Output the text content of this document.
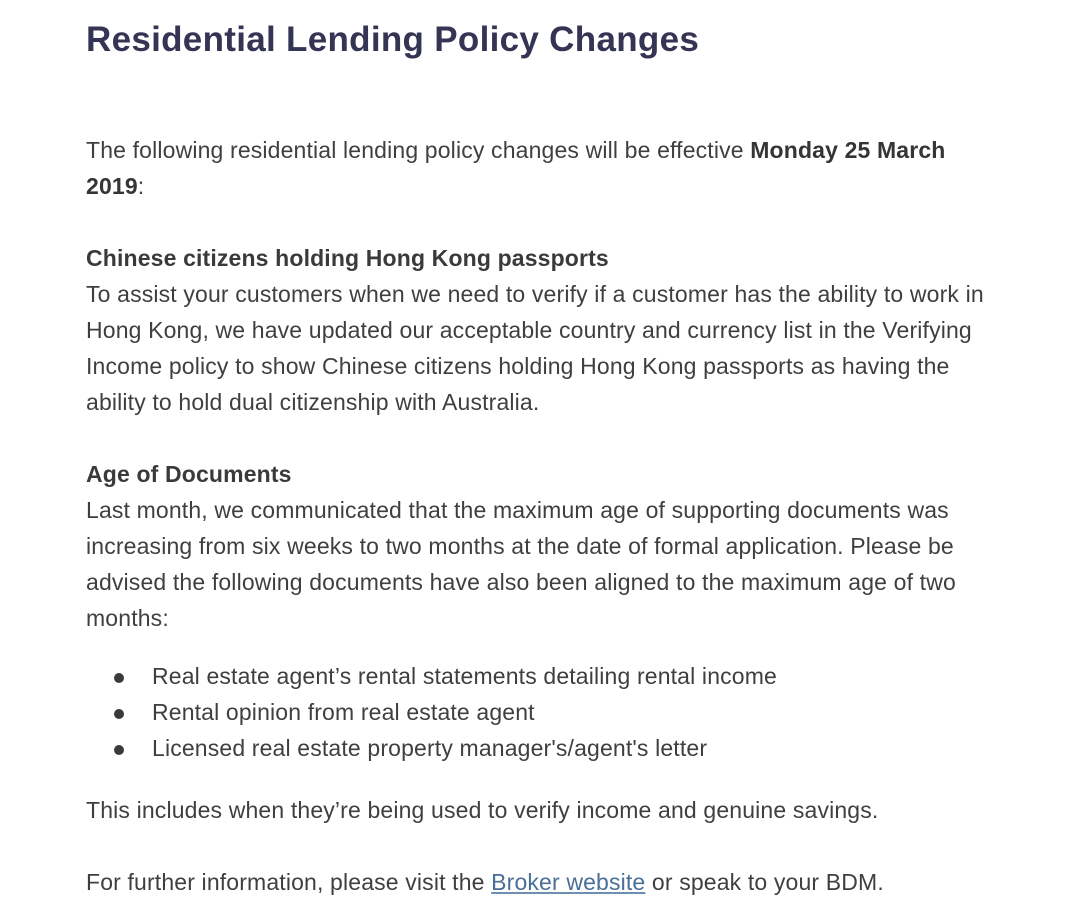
Residential Lending Policy Changes

The following residential lending policy changes will be effective Monday 25 March 2019:

Chinese citizens holding Hong Kong passports

To assist your customers when we need to verify if a customer has the ability to work in Hong Kong, we have updated our acceptable country and currency list in the Verifying Income policy to show Chinese citizens holding Hong Kong passports as having the ability to hold dual citizenship with Australia.

Age of Documents

Last month, we communicated that the maximum age of supporting documents was increasing from six weeks to two months at the date of formal application. Please be advised the following documents have also been aligned to the maximum age of two months:

Real estate agent’s rental statements detailing rental income
Rental opinion from real estate agent
Licensed real estate property manager's/agent's letter

This includes when they’re being used to verify income and genuine savings.

For further information, please visit the Broker website or speak to your BDM.
